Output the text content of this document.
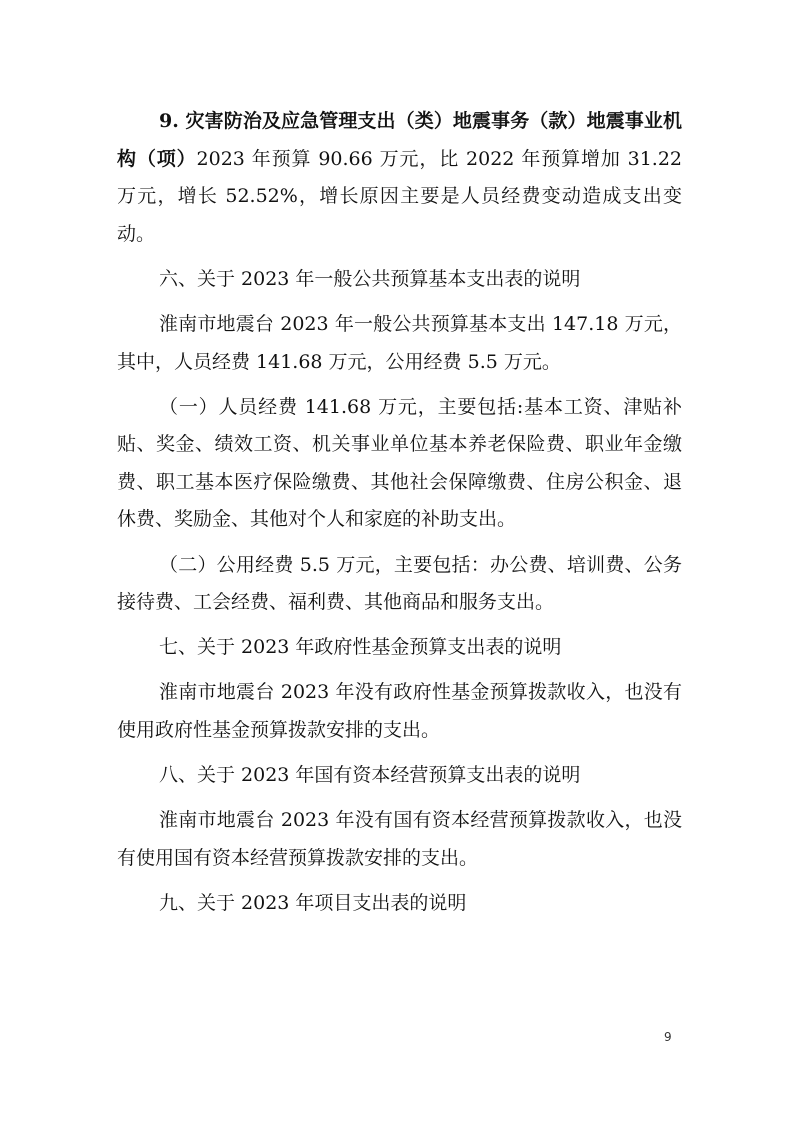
9. 灾害防治及应急管理支出（类）地震事务（款）地震事业机构（项）2023 年预算 90.66 万元，比 2022 年预算增加 31.22 万元，增长 52.52%，增长原因主要是人员经费变动造成支出变动。

六、关于 2023 年一般公共预算基本支出表的说明

淮南市地震台 2023 年一般公共预算基本支出 147.18 万元，其中，人员经费 141.68 万元，公用经费 5.5 万元。

（一）人员经费 141.68 万元，主要包括:基本工资、津贴补贴、奖金、绩效工资、机关事业单位基本养老保险费、职业年金缴费、职工基本医疗保险缴费、其他社会保障缴费、住房公积金、退休费、奖励金、其他对个人和家庭的补助支出。

（二）公用经费 5.5 万元，主要包括：办公费、培训费、公务接待费、工会经费、福利费、其他商品和服务支出。

七、关于 2023 年政府性基金预算支出表的说明

淮南市地震台 2023 年没有政府性基金预算拨款收入，也没有使用政府性基金预算拨款安排的支出。

八、关于 2023 年国有资本经营预算支出表的说明

淮南市地震台 2023 年没有国有资本经营预算拨款收入，也没有使用国有资本经营预算拨款安排的支出。

九、关于 2023 年项目支出表的说明

9
